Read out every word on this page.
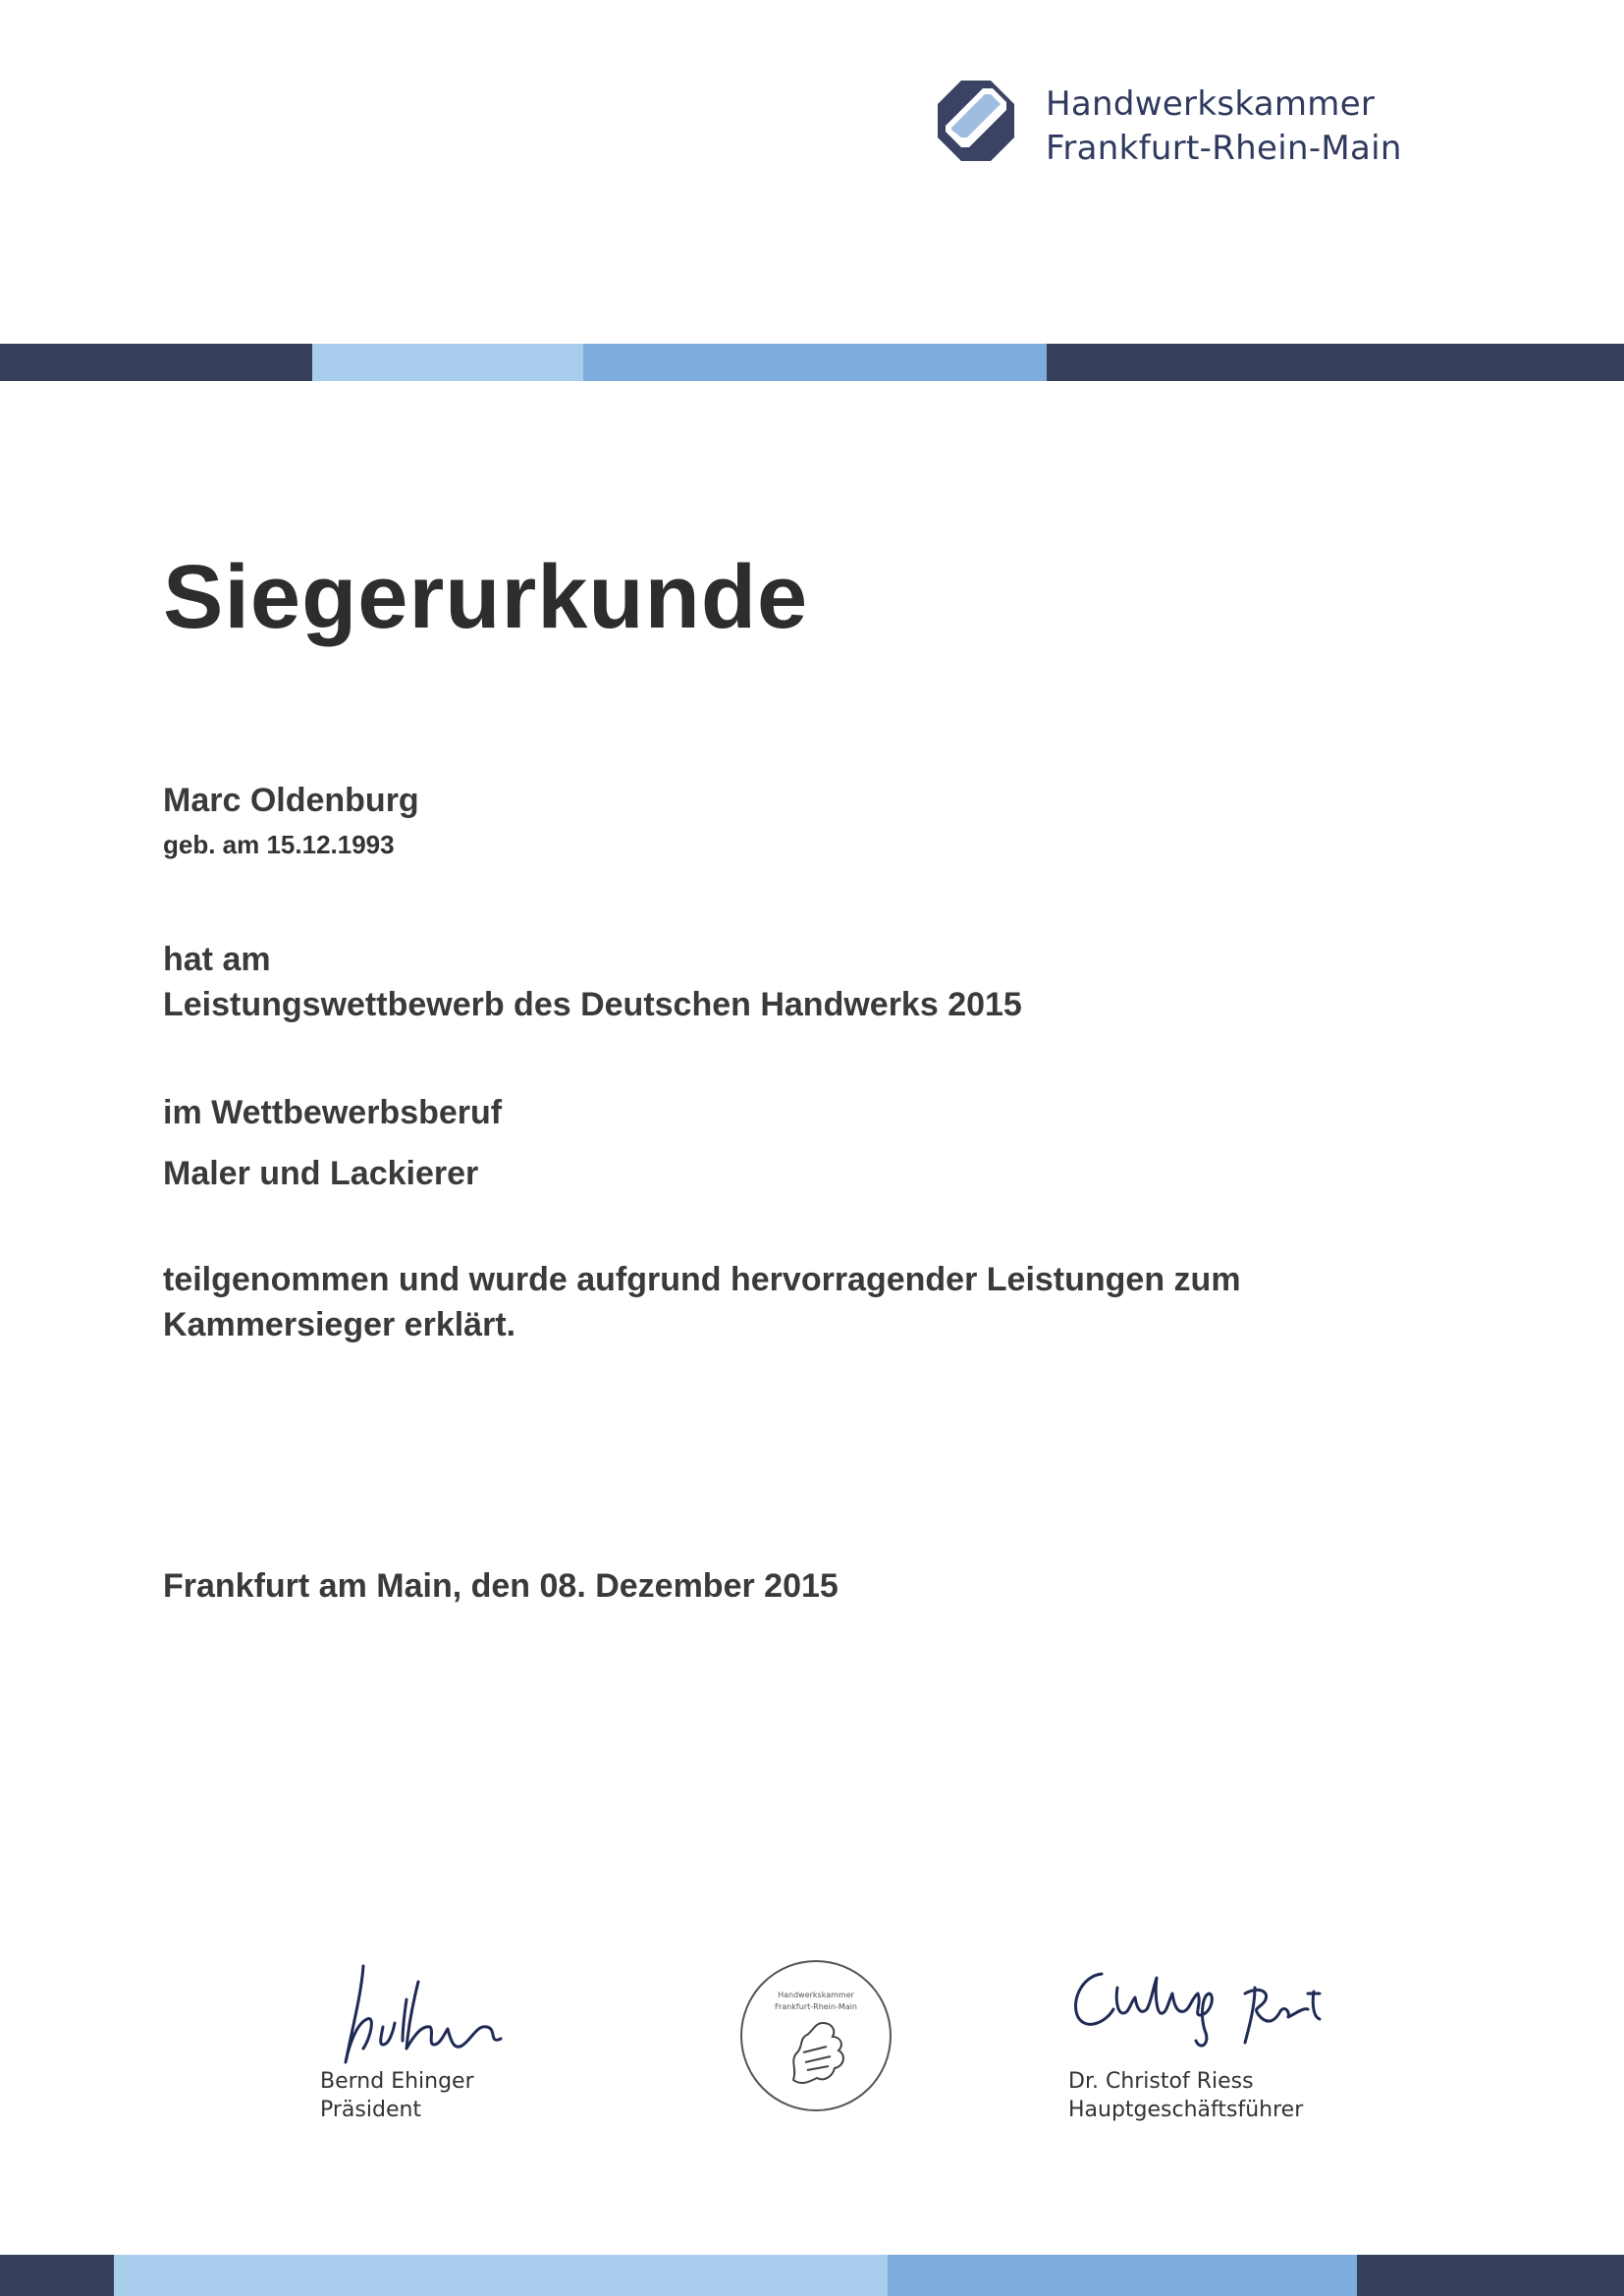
Handwerkskammer
Frankfurt-Rhein-Main
Siegerurkunde
Marc Oldenburg
geb. am 15.12.1993
hat am
Leistungswettbewerb des Deutschen Handwerks 2015
im Wettbewerbsberuf
Maler und Lackierer
teilgenommen und wurde aufgrund hervorragender Leistungen zum
Kammersieger erklärt.
Frankfurt am Main, den 08. Dezember 2015
Bernd Ehinger
Präsident
Handwerkskammer
Frankfurt-Rhein-Main
Dr. Christof Riess
Hauptgeschäftsführer
